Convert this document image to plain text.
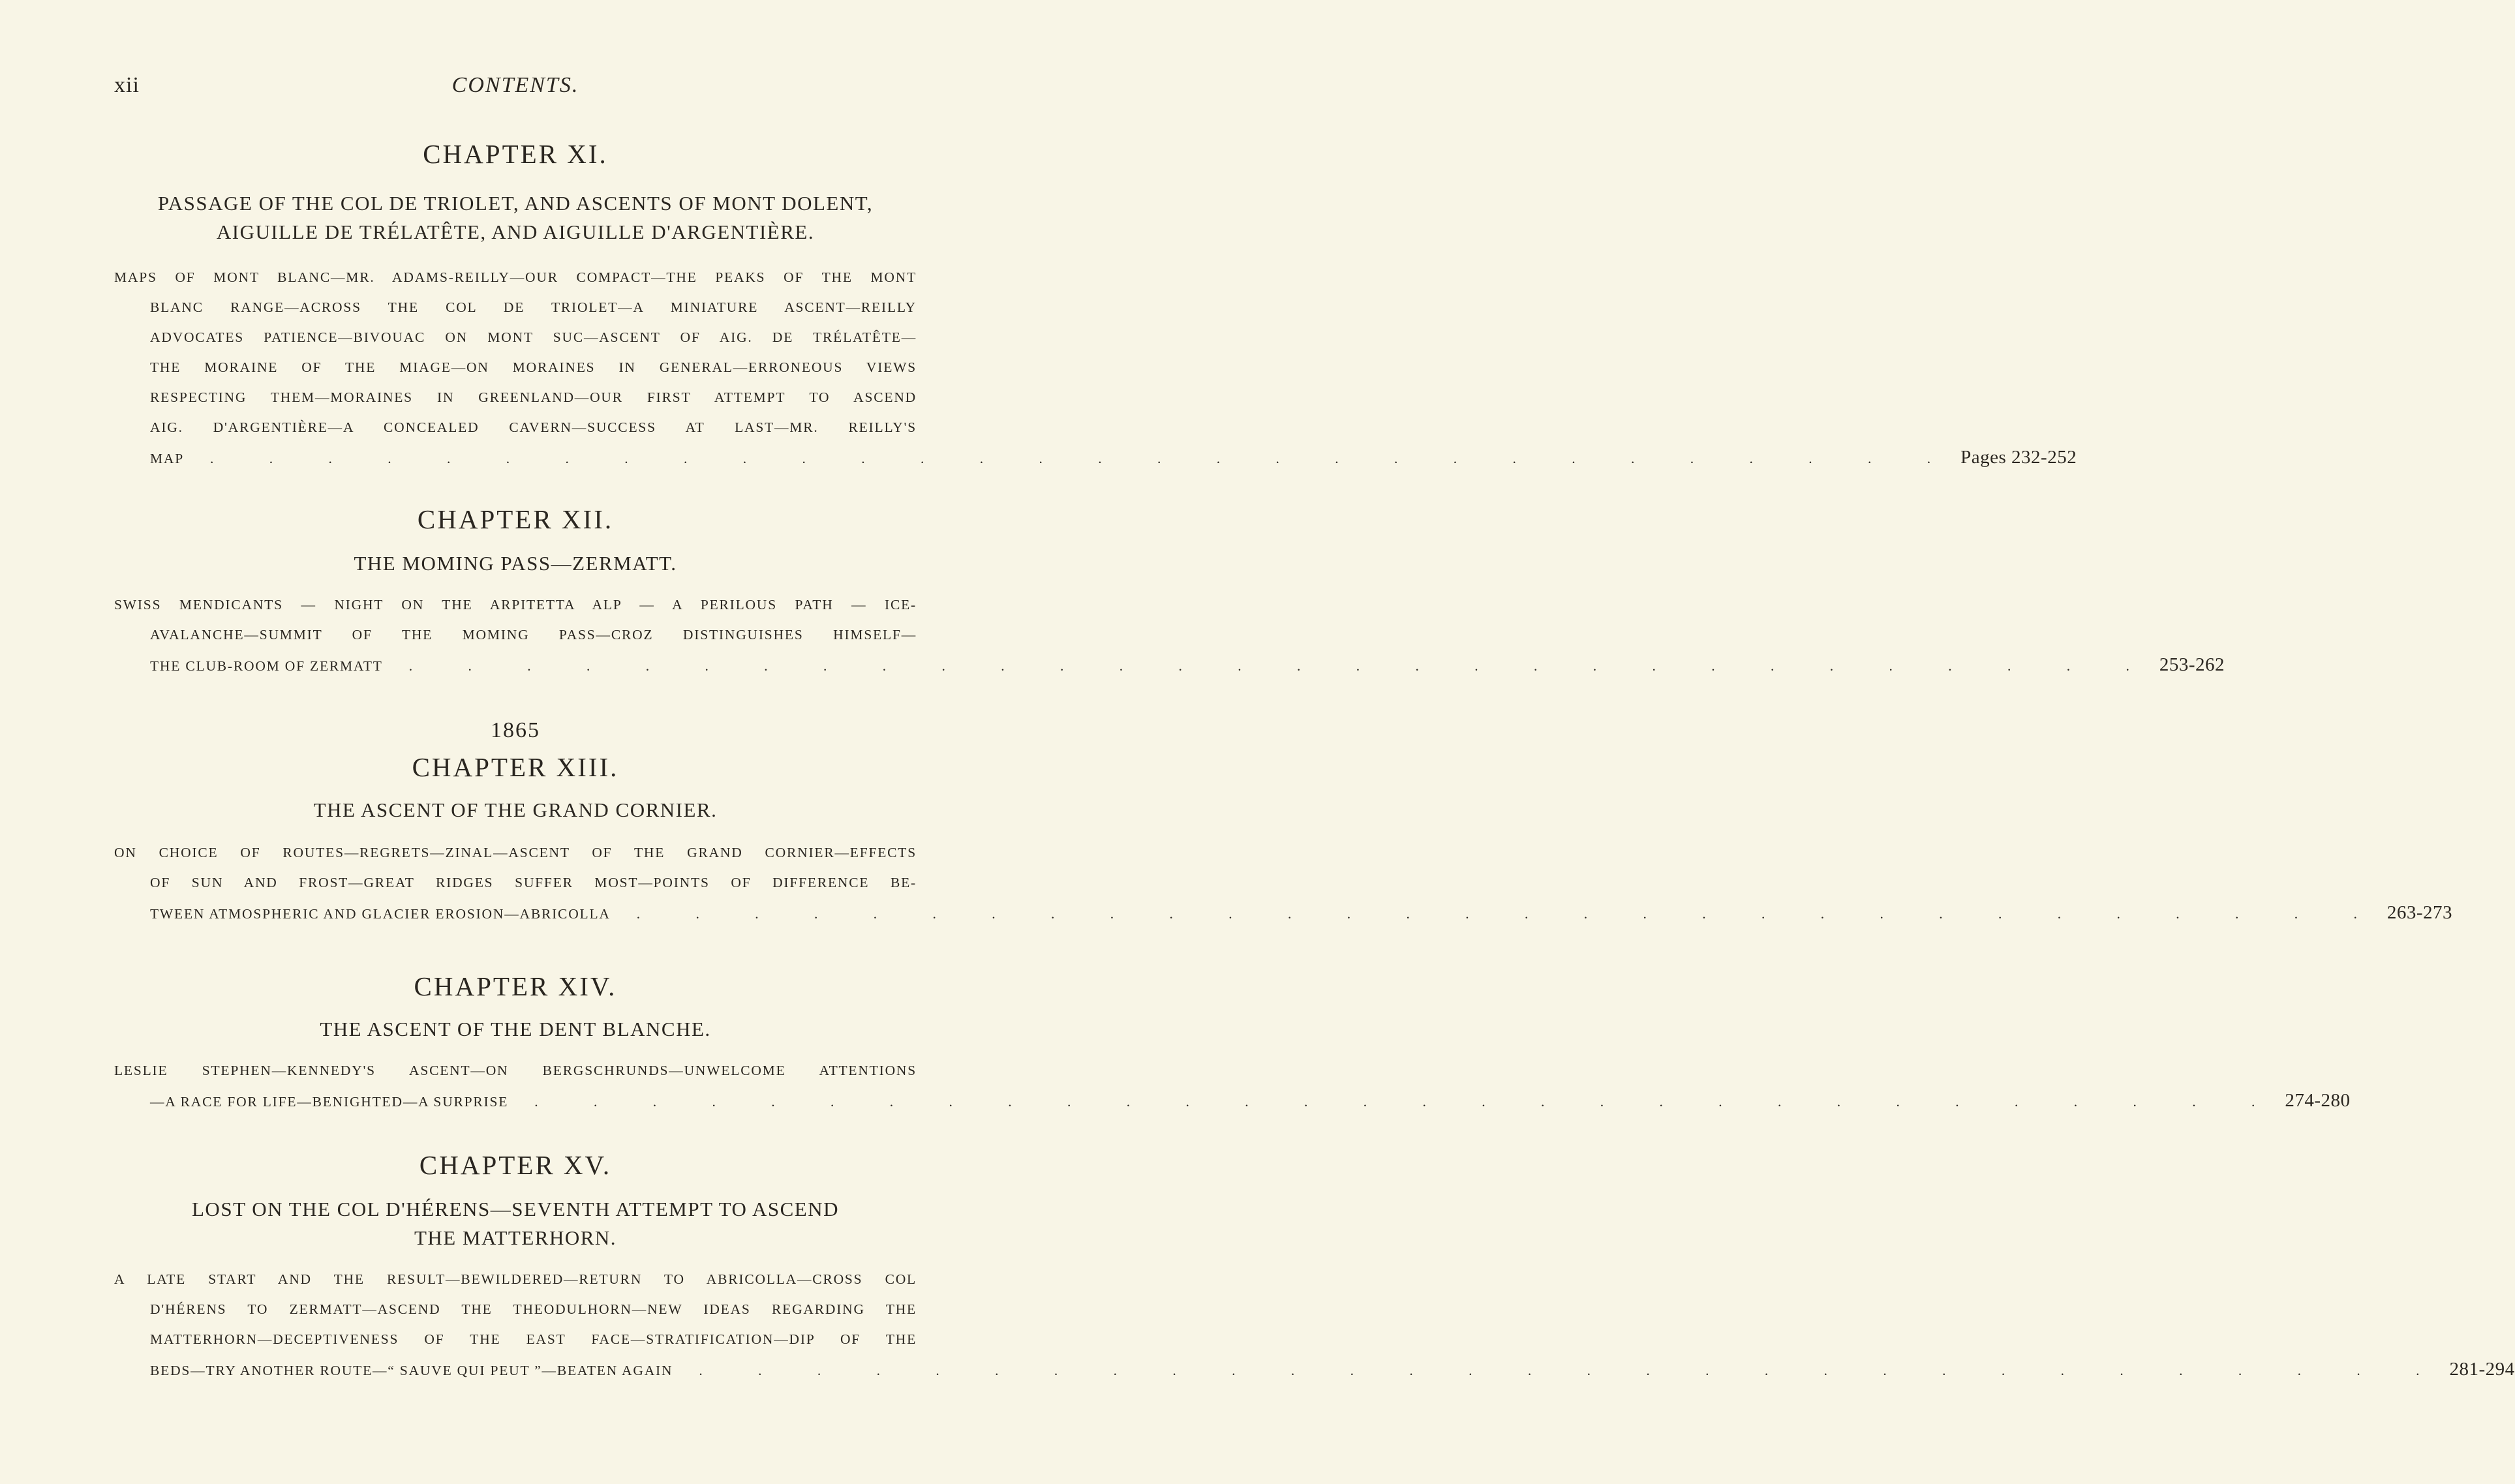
xii	CONTENTS.
CHAPTER XI.
PASSAGE OF THE COL DE TRIOLET, AND ASCENTS OF MONT DOLENT,
AIGUILLE DE TRÉLATÊTE, AND AIGUILLE D'ARGENTIÈRE.
MAPS OF MONT BLANC—MR. ADAMS-REILLY—OUR COMPACT—THE PEAKS OF THE MONT
BLANC RANGE—ACROSS THE COL DE TRIOLET—A MINIATURE ASCENT—REILLY
ADVOCATES PATIENCE—BIVOUAC ON MONT SUC—ASCENT OF AIG. DE TRÉLATÊTE—
THE MORAINE OF THE MIAGE—ON MORAINES IN GENERAL—ERRONEOUS VIEWS
RESPECTING THEM—MORAINES IN GREENLAND—OUR FIRST ATTEMPT TO ASCEND
AIG. D'ARGENTIÈRE—A CONCEALED CAVERN—SUCCESS AT LAST—MR. REILLY'S
MAP	. . . . . . . . . . . . . . . . . . . . . . . . . . . . . . Pages 232-252
CHAPTER XII.
THE MOMING PASS—ZERMATT.
SWISS MENDICANTS — NIGHT ON THE ARPITETTA ALP — A PERILOUS PATH — ICE-
AVALANCHE—SUMMIT OF THE MOMING PASS—CROZ DISTINGUISHES HIMSELF—
THE CLUB-ROOM OF ZERMATT	. . . . . . . . . . . . . . . . . . . . . . . . . . . . . . 253-262
1865
CHAPTER XIII.
THE ASCENT OF THE GRAND CORNIER.
ON CHOICE OF ROUTES—REGRETS—ZINAL—ASCENT OF THE GRAND CORNIER—EFFECTS
OF SUN AND FROST—GREAT RIDGES SUFFER MOST—POINTS OF DIFFERENCE BE-
TWEEN ATMOSPHERIC AND GLACIER EROSION—ABRICOLLA	. . . . . . . . . . . . . . . . . . . . . . . . . . . . . . 263-273
CHAPTER XIV.
THE ASCENT OF THE DENT BLANCHE.
LESLIE STEPHEN—KENNEDY'S ASCENT—ON BERGSCHRUNDS—UNWELCOME ATTENTIONS
—A RACE FOR LIFE—BENIGHTED—A SURPRISE	. . . . . . . . . . . . . . . . . . . . . . . . . . . . . . 274-280
CHAPTER XV.
LOST ON THE COL D'HÉRENS—SEVENTH ATTEMPT TO ASCEND
THE MATTERHORN.
A LATE START AND THE RESULT—BEWILDERED—RETURN TO ABRICOLLA—CROSS COL
D'HÉRENS TO ZERMATT—ASCEND THE THEODULHORN—NEW IDEAS REGARDING THE
MATTERHORN—DECEPTIVENESS OF THE EAST FACE—STRATIFICATION—DIP OF THE
BEDS—TRY ANOTHER ROUTE—“ SAUVE QUI PEUT ”—BEATEN AGAIN	. . . . . . . . . . . . . . . . . . . . . . . . . . . . . . 281-294
